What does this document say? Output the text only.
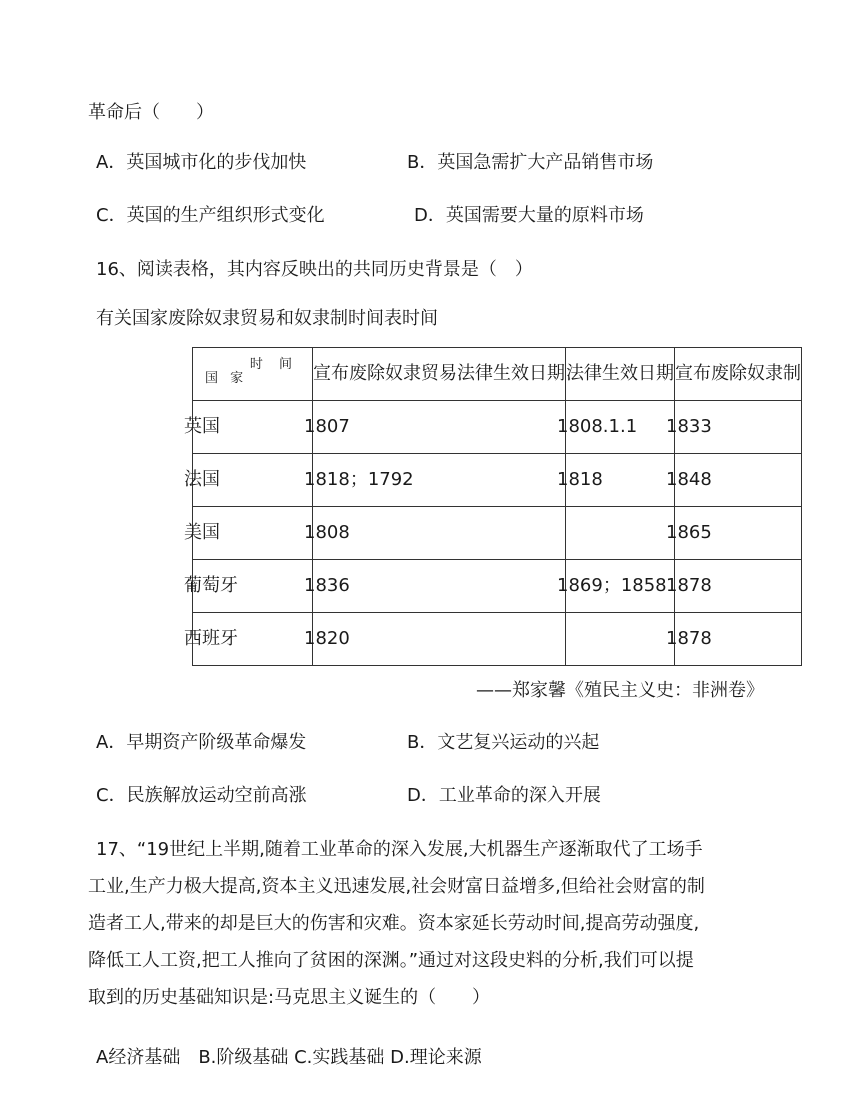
革命后（　　）
A．英国城市化的步伐加快	B．英国急需扩大产品销售市场
C．英国的生产组织形式变化	D．英国需要大量的原料市场
16、阅读表格，其内容反映出的共同历史背景是（　）
有关国家废除奴隶贸易和奴隶制时间表时间
时 间
国 家	宣布废除奴隶贸易法律生效日期	法律生效日期	宣布废除奴隶制

英国	1807	1808.1.1	1833

法国	1792；1818	1818	1848

美国	1808		1865

葡萄牙	1836	1858；1869	1878

西班牙	1820		1878
——郑家馨《殖民主义史：非洲卷》
A．早期资产阶级革命爆发	B．文艺复兴运动的兴起
C．民族解放运动空前高涨	D．工业革命的深入开展
17、“19世纪上半期,随着工业革命的深入发展,大机器生产逐渐取代了工场手
工业,生产力极大提高,资本主义迅速发展,社会财富日益增多,但给社会财富的制
造者工人,带来的却是巨大的伤害和灾难。资本家延长劳动时间,提高劳动强度,
降低工人工资,把工人推向了贫困的深渊。”通过对这段史料的分析,我们可以提
取到的历史基础知识是:马克思主义诞生的（　　）
A经济基础　B.阶级基础 C.实践基础 D.理论来源
